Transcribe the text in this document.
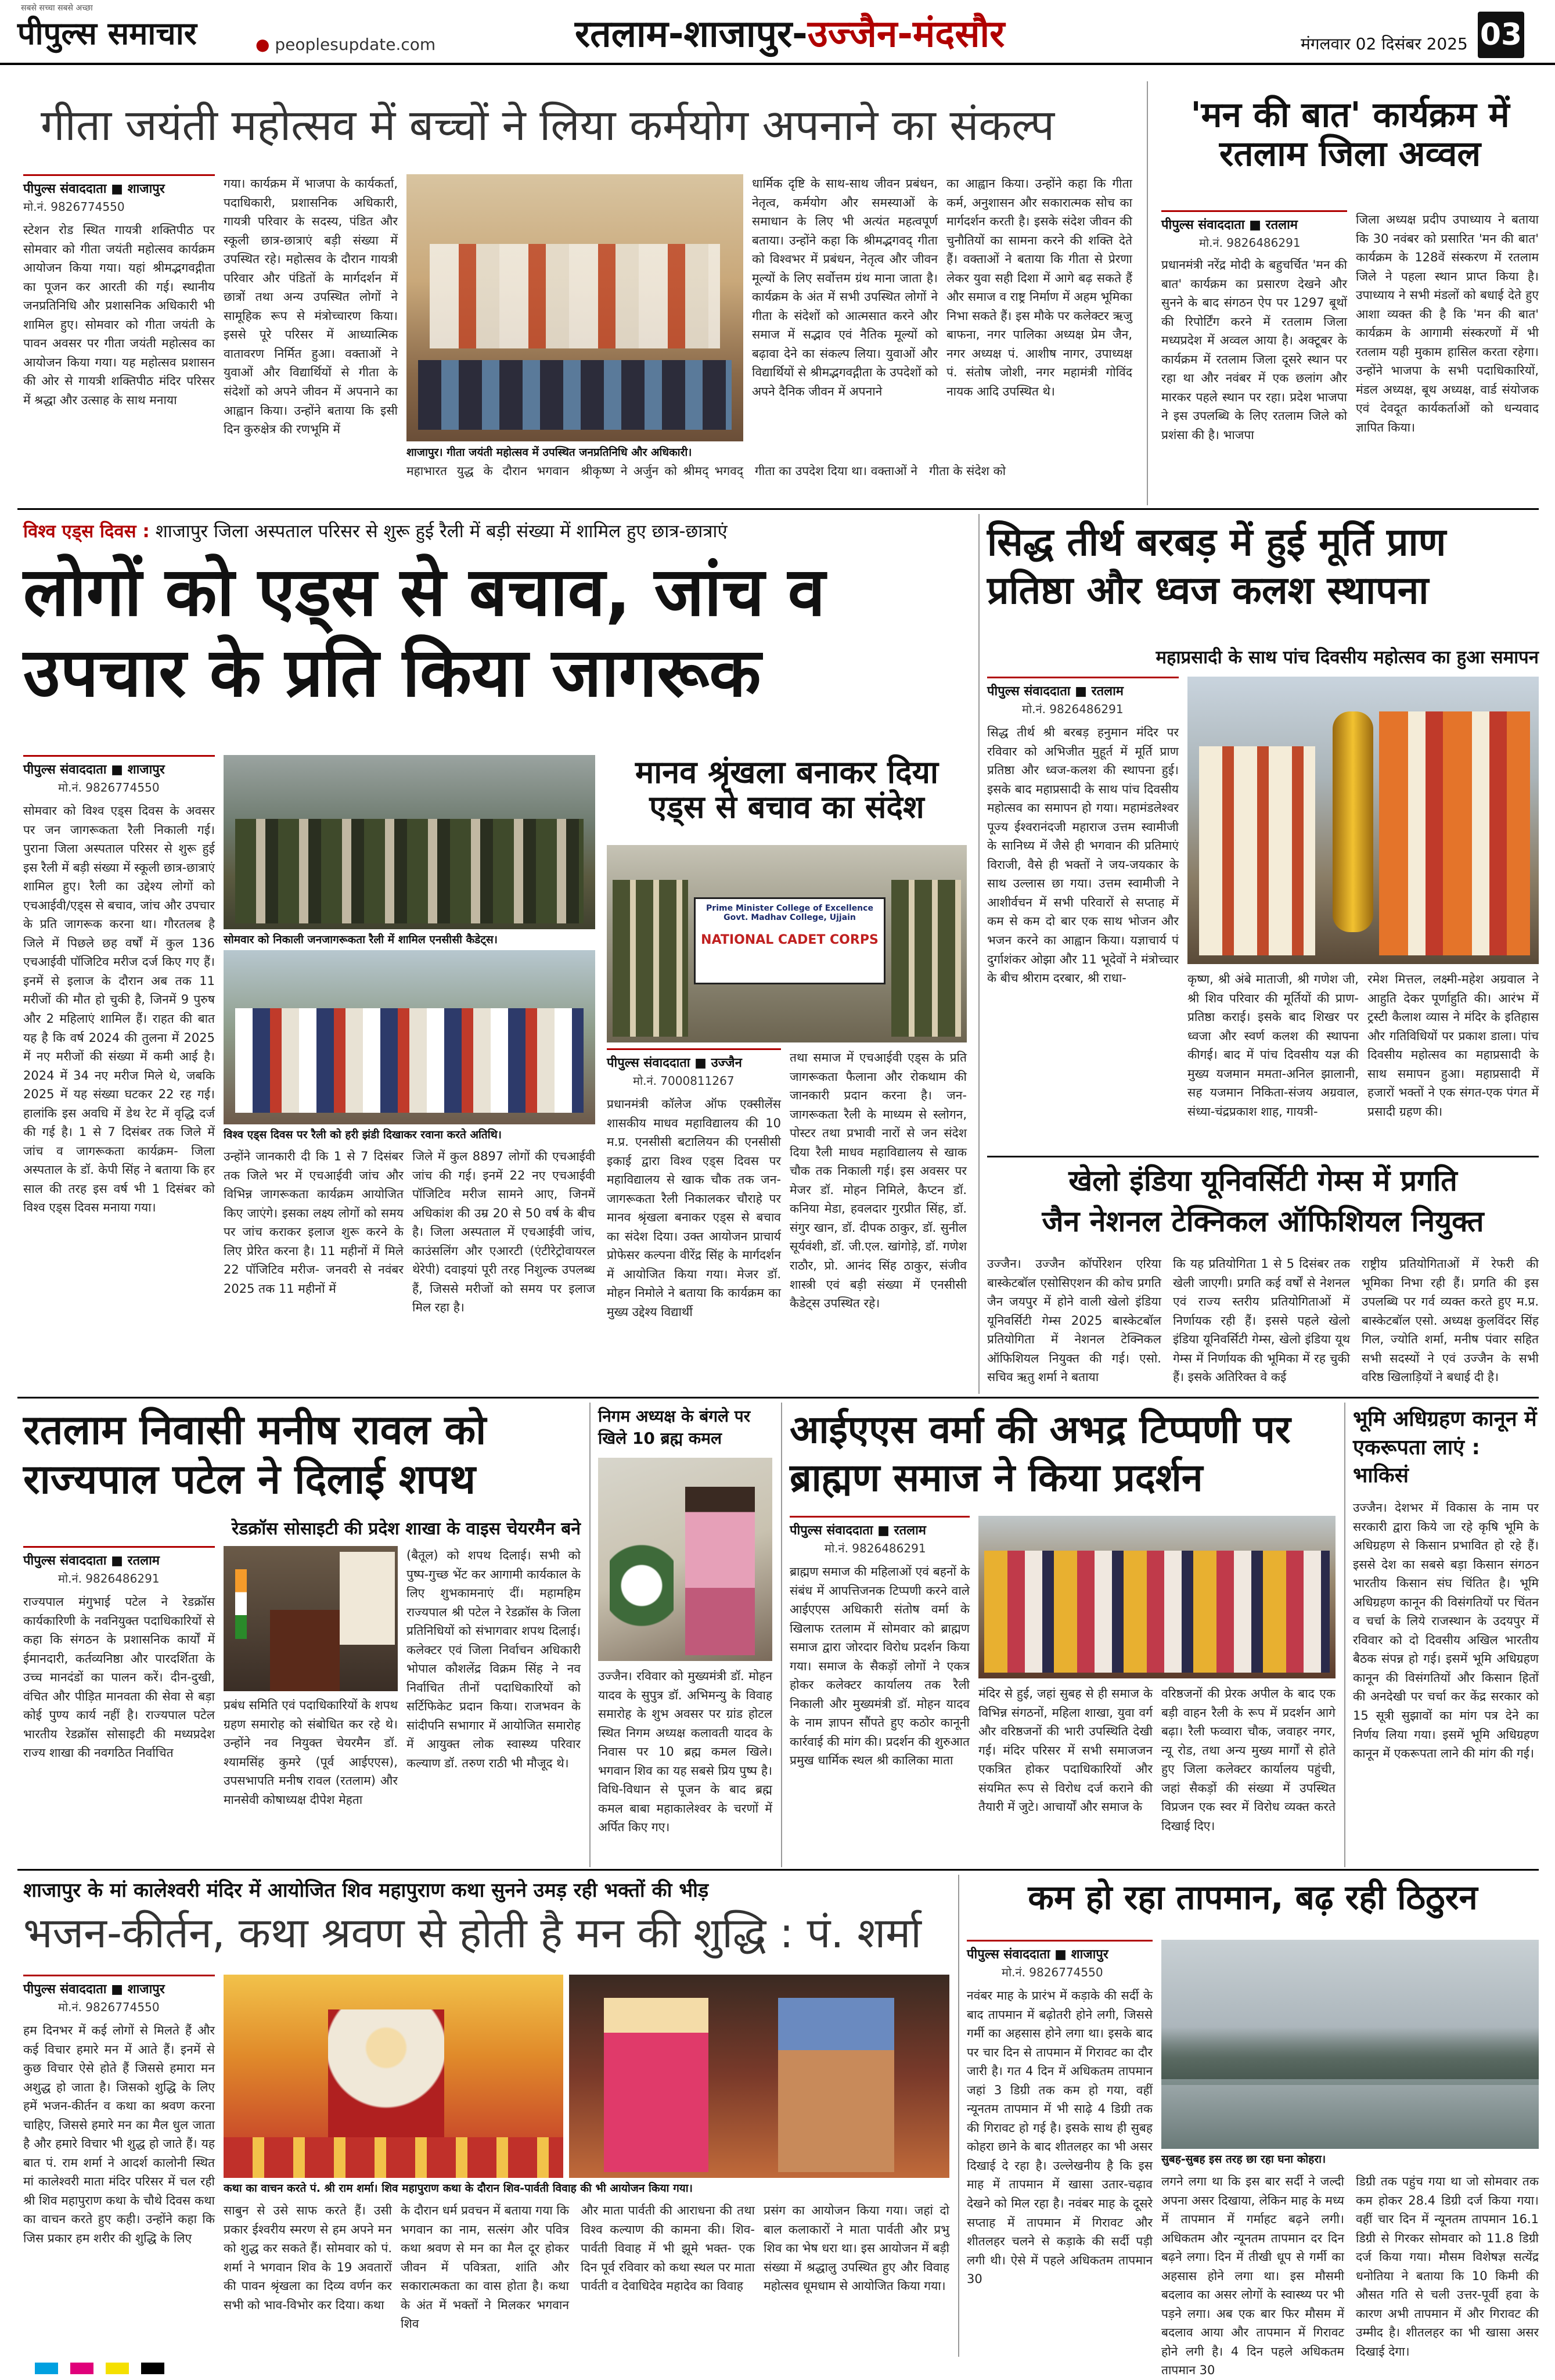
सबसे सच्चा सबसे अच्छा
पीपुल्स समाचार	● peoplesupdate.com	रतलाम-शाजापुर-उज्जैन-मंदसौर	मंगलवार 02 दिसंबर 2025 03
गीता जयंती महोत्सव में बच्चों ने लिया कर्मयोग अपनाने का संकल्प
पीपुल्स संवाददाता ■ शाजापुर
मो.नं. 9826774550
स्टेशन रोड स्थित गायत्री शक्तिपीठ पर सोमवार को गीता जयंती महोत्सव कार्यक्रम आयोजन किया गया। यहां श्रीमद्भगवद्गीता का पूजन कर आरती की गई। स्थानीय जनप्रतिनिधि और प्रशासनिक अधिकारी भी शामिल हुए। सोमवार को गीता जयंती के पावन अवसर पर गीता जयंती महोत्सव का आयोजन किया गया। यह महोत्सव प्रशासन की ओर से गायत्री शक्तिपीठ मंदिर परिसर में श्रद्धा और उत्साह के साथ मनाया
गया। कार्यक्रम में भाजपा के कार्यकर्ता, पदाधिकारी, प्रशासनिक अधिकारी, गायत्री परिवार के सदस्य, पंडित और स्कूली छात्र-छात्राएं बड़ी संख्या में उपस्थित रहे। महोत्सव के दौरान गायत्री परिवार और पंडितों के मार्गदर्शन में छात्रों तथा अन्य उपस्थित लोगों ने सामूहिक रूप से मंत्रोच्चारण किया। इससे पूरे परिसर में आध्यात्मिक वातावरण निर्मित हुआ। वक्ताओं ने युवाओं और विद्यार्थियों से गीता के संदेशों को अपने जीवन में अपनाने का आह्वान किया। उन्होंने बताया कि इसी दिन कुरुक्षेत्र की रणभूमि में
शाजापुर। गीता जयंती महोत्सव में उपस्थित जनप्रतिनिधि और अधिकारी।
महाभारत युद्ध के दौरान भगवान श्रीकृष्ण ने अर्जुन को श्रीमद् भगवद् गीता का उपदेश दिया था। वक्ताओं ने गीता के संदेश को
धार्मिक दृष्टि के साथ-साथ जीवन प्रबंधन, नेतृत्व, कर्मयोग और समस्याओं के समाधान के लिए भी अत्यंत महत्वपूर्ण बताया। उन्होंने कहा कि श्रीमद्भगवद् गीता को विश्वभर में प्रबंधन, नेतृत्व और जीवन मूल्यों के लिए सर्वोत्तम ग्रंथ माना जाता है। कार्यक्रम के अंत में सभी उपस्थित लोगों ने गीता के संदेशों को आत्मसात करने और समाज में सद्भाव एवं नैतिक मूल्यों को बढ़ावा देने का संकल्प लिया। युवाओं और विद्यार्थियों से श्रीमद्भगवद्गीता के उपदेशों को अपने दैनिक जीवन में अपनाने
का आह्वान किया। उन्होंने कहा कि गीता कर्म, अनुशासन और सकारात्मक सोच का मार्गदर्शन करती है। इसके संदेश जीवन की चुनौतियों का सामना करने की शक्ति देते हैं। वक्ताओं ने बताया कि गीता से प्रेरणा लेकर युवा सही दिशा में आगे बढ़ सकते हैं और समाज व राष्ट्र निर्माण में अहम भूमिका निभा सकते हैं। इस मौके पर कलेक्टर ऋजु बाफना, नगर पालिका अध्यक्ष प्रेम जैन, नगर अध्यक्ष पं. आशीष नागर, उपाध्यक्ष पं. संतोष जोशी, नगर महामंत्री गोविंद नायक आदि उपस्थित थे।
'मन की बात' कार्यक्रम में रतलाम जिला अव्वल
पीपुल्स संवाददाता ■ रतलाम
मो.नं. 9826486291
प्रधानमंत्री नरेंद्र मोदी के बहुचर्चित 'मन की बात' कार्यक्रम का प्रसारण देखने और सुनने के बाद संगठन ऐप पर 1297 बूथों की रिपोर्टिंग करने में रतलाम जिला मध्यप्रदेश में अव्वल आया है। अक्टूबर के कार्यक्रम में रतलाम जिला दूसरे स्थान पर रहा था और नवंबर में एक छलांग और मारकर पहले स्थान पर रहा। प्रदेश भाजपा ने इस उपलब्धि के लिए रतलाम जिले को प्रशंसा की है। भाजपा
जिला अध्यक्ष प्रदीप उपाध्याय ने बताया कि 30 नवंबर को प्रसारित 'मन की बात' कार्यक्रम के 128वें संस्करण में रतलाम जिले ने पहला स्थान प्राप्त किया है। उपाध्याय ने सभी मंडलों को बधाई देते हुए आशा व्यक्त की है कि 'मन की बात' कार्यक्रम के आगामी संस्करणों में भी रतलाम यही मुकाम हासिल करता रहेगा। उन्होंने भाजपा के सभी पदाधिकारियों, मंडल अध्यक्ष, बूथ अध्यक्ष, वार्ड संयोजक एवं देवदूत कार्यकर्ताओं को धन्यवाद ज्ञापित किया।
विश्व एड्स दिवस : शाजापुर जिला अस्पताल परिसर से शुरू हुई रैली में बड़ी संख्या में शामिल हुए छात्र-छात्राएं
लोगों को एड्स से बचाव, जांच व उपचार के प्रति किया जागरूक
पीपुल्स संवाददाता ■ शाजापुर
मो.नं. 9826774550
सोमवार को विश्व एड्स दिवस के अवसर पर जन जागरूकता रैली निकाली गई। पुराना जिला अस्पताल परिसर से शुरू हुई इस रैली में बड़ी संख्या में स्कूली छात्र-छात्राएं शामिल हुए। रैली का उद्देश्य लोगों को एचआईवी/एड्स से बचाव, जांच और उपचार के प्रति जागरूक करना था। गौरतलब है जिले में पिछले छह वर्षों में कुल 136 एचआईवी पॉजिटिव मरीज दर्ज किए गए हैं। इनमें से इलाज के दौरान अब तक 11 मरीजों की मौत हो चुकी है, जिनमें 9 पुरुष और 2 महिलाएं शामिल हैं। राहत की बात यह है कि वर्ष 2024 की तुलना में 2025 में नए मरीजों की संख्या में कमी आई है। 2024 में 34 नए मरीज मिले थे, जबकि 2025 में यह संख्या घटकर 22 रह गई। हालांकि इस अवधि में डेथ रेट में वृद्धि दर्ज की गई है। 1 से 7 दिसंबर तक जिले में जांच व जागरूकता कार्यक्रम- जिला अस्पताल के डॉ. केपी सिंह ने बताया कि हर साल की तरह इस वर्ष भी 1 दिसंबर को विश्व एड्स दिवस मनाया गया।
सोमवार को निकाली जनजागरूकता रैली में शामिल एनसीसी कैडेट्स।
विश्व एड्स दिवस पर रैली को हरी झंडी दिखाकर रवाना करते अतिथि।
उन्होंने जानकारी दी कि 1 से 7 दिसंबर तक जिले भर में एचआईवी जांच और विभिन्न जागरूकता कार्यक्रम आयोजित किए जाएंगे। इसका लक्ष्य लोगों को समय पर जांच कराकर इलाज शुरू करने के लिए प्रेरित करना है। 11 महीनों में मिले 22 पॉजिटिव मरीज- जनवरी से नवंबर 2025 तक 11 महीनों में
जिले में कुल 8897 लोगों की एचआईवी जांच की गई। इनमें 22 नए एचआईवी पॉजिटिव मरीज सामने आए, जिनमें अधिकांश की उम्र 20 से 50 वर्ष के बीच है। जिला अस्पताल में एचआईवी जांच, काउंसलिंग और एआरटी (एंटीरेट्रोवायरल थेरेपी) दवाइयां पूरी तरह निशुल्क उपलब्ध हैं, जिससे मरीजों को समय पर इलाज मिल रहा है।
मानव श्रृंखला बनाकर दिया एड्स से बचाव का संदेश
Prime Minister College of Excellence Govt. Madhav College, Ujjain
NATIONAL CADET CORPS
पीपुल्स संवाददाता ■ उज्जैन
मो.नं. 7000811267
प्रधानमंत्री कॉलेज ऑफ एक्सीलेंस शासकीय माधव महाविद्यालय की 10 म.प्र. एनसीसी बटालियन की एनसीसी इकाई द्वारा विश्व एड्स दिवस पर महाविद्यालय से खाक चौक तक जन-जागरूकता रैली निकालकर चौराहे पर मानव श्रृंखला बनाकर एड्स से बचाव का संदेश दिया। उक्त आयोजन प्राचार्य प्रोफेसर कल्पना वीरेंद्र सिंह के मार्गदर्शन में आयोजित किया गया। मेजर डॉ. मोहन निमोले ने बताया कि कार्यक्रम का मुख्य उद्देश्य विद्यार्थी
तथा समाज में एचआईवी एड्स के प्रति जागरूकता फैलाना और रोकथाम की जानकारी प्रदान करना है। जन-जागरूकता रैली के माध्यम से स्लोगन, पोस्टर तथा प्रभावी नारों से जन संदेश दिया रैली माधव महाविद्यालय से खाक चौक तक निकाली गई। इस अवसर पर मेजर डॉ. मोहन निमिले, कैप्टन डॉ. कनिया मेडा, हवलदार गुरप्रीत सिंह, डॉ. संगुर खान, डॉ. दीपक ठाकुर, डॉ. सुनील सूर्यवंशी, डॉ. जी.एल. खांगोड़े, डॉ. गणेश राठौर, प्रो. आनंद सिंह ठाकुर, संजीव शास्त्री एवं बड़ी संख्या में एनसीसी कैडेट्स उपस्थित रहे।
सिद्ध तीर्थ बरबड़ में हुई मूर्ति प्राण प्रतिष्ठा और ध्वज कलश स्थापना
महाप्रसादी के साथ पांच दिवसीय महोत्सव का हुआ समापन
पीपुल्स संवाददाता ■ रतलाम
मो.नं. 9826486291
सिद्ध तीर्थ श्री बरबड़ हनुमान मंदिर पर रविवार को अभिजीत मुहूर्त में मूर्ति प्राण प्रतिष्ठा और ध्वज-कलश की स्थापना हुई। इसके बाद महाप्रसादी के साथ पांच दिवसीय महोत्सव का समापन हो गया। महामंडलेश्वर पूज्य ईश्वरानंदजी महाराज उत्तम स्वामीजी के सानिध्य में जैसे ही भगवान की प्रतिमाएं विराजी, वैसे ही भक्तों ने जय-जयकार के साथ उल्लास छा गया। उत्तम स्वामीजी ने आशीर्वचन में सभी परिवारों से सप्ताह में कम से कम दो बार एक साथ भोजन और भजन करने का आह्वान किया। यज्ञाचार्य पं दुर्गाशंकर ओझा और 11 भूदेवों ने मंत्रोच्चार के बीच श्रीराम दरबार, श्री राधा-	कृष्ण, श्री अंबे माताजी, श्री गणेश जी, श्री शिव परिवार की मूर्तियों की प्राण-प्रतिष्ठा कराई। इसके बाद शिखर पर ध्वजा और स्वर्ण कलश की स्थापना कीगई। बाद में पांच दिवसीय यज्ञ की मुख्य यजमान ममता-अनिल झालानी, सह यजमान निकिता-संजय अग्रवाल, संध्या-चंद्रप्रकाश शाह, गायत्री-
रमेश मित्तल, लक्ष्मी-महेश अग्रवाल ने आहुति देकर पूर्णाहुति की। आरंभ में ट्रस्टी कैलाश व्यास ने मंदिर के इतिहास और गतिविधियों पर प्रकाश डाला। पांच दिवसीय महोत्सव का महाप्रसादी के साथ समापन हुआ। महाप्रसादी में हजारों भक्तों ने एक संगत-एक पंगत में प्रसादी ग्रहण की।
खेलो इंडिया यूनिवर्सिटी गेम्स में प्रगति
जैन नेशनल टेक्निकल ऑफिशियल नियुक्त
उज्जैन। उज्जैन कॉर्पोरेशन एरिया बास्केटबॉल एसोसिएशन की कोच प्रगति जैन जयपुर में होने वाली खेलो इंडिया यूनिवर्सिटी गेम्स 2025 बास्केटबॉल प्रतियोगिता में नेशनल टेक्निकल ऑफिशियल नियुक्त की गई। एसो. सचिव ऋतु शर्मा ने बताया
कि यह प्रतियोगिता 1 से 5 दिसंबर तक खेली जाएगी। प्रगति कई वर्षों से नेशनल एवं राज्य स्तरीय प्रतियोगिताओं में निर्णायक रही हैं। इससे पहले खेलो इंडिया यूनिवर्सिटी गेम्स, खेलो इंडिया यूथ गेम्स में निर्णायक की भूमिका में रह चुकी हैं। इसके अतिरिक्त वे कई
राष्ट्रीय प्रतियोगिताओं में रेफरी की भूमिका निभा रही हैं। प्रगति की इस उपलब्धि पर गर्व व्यक्त करते हुए म.प्र. बास्केटबॉल एसो. अध्यक्ष कुलविंदर सिंह गिल, ज्योति शर्मा, मनीष पंवार सहित सभी सदस्यों ने एवं उज्जैन के सभी वरिष्ठ खिलाड़ियों ने बधाई दी है।
रतलाम निवासी मनीष रावल को राज्यपाल पटेल ने दिलाई शपथ
रेडक्रॉस सोसाइटी की प्रदेश शाखा के वाइस चेयरमैन बने
पीपुल्स संवाददाता ■ रतलाम
मो.नं. 9826486291
राज्यपाल मंगुभाई पटेल ने रेडक्रॉस कार्यकारिणी के नवनियुक्त पदाधिकारियों से कहा कि संगठन के प्रशासनिक कार्यों में ईमानदारी, कर्तव्यनिष्ठा और पारदर्शिता के उच्च मानदंडों का पालन करें। दीन-दुखी, वंचित और पीड़ित मानवता की सेवा से बड़ा कोई पुण्य कार्य नहीं है। राज्यपाल पटेल भारतीय रेडक्रॉस सोसाइटी की मध्यप्रदेश राज्य शाखा की नवगठित निर्वाचित
प्रबंध समिति एवं पदाधिकारियों के शपथ ग्रहण समारोह को संबोधित कर रहे थे। उन्होंने नव नियुक्त चेयरमैन डॉ. श्यामसिंह कुमरे (पूर्व आईएएस), उपसभापति मनीष रावल (रतलाम) और मानसेवी कोषाध्यक्ष दीपेश मेहता
(बैतूल) को शपथ दिलाई। सभी को पुष्प-गुच्छ भेंट कर आगामी कार्यकाल के लिए शुभकामनाएं दीं। महामहिम राज्यपाल श्री पटेल ने रेडक्रॉस के जिला प्रतिनिधियों को संभागवार शपथ दिलाई। कलेक्टर एवं जिला निर्वाचन अधिकारी भोपाल कौशलेंद्र विक्रम सिंह ने नव निर्वाचित तीनों पदाधिकारियों को सर्टिफिकेट प्रदान किया। राजभवन के सांदीपनि सभागार में आयोजित समारोह में आयुक्त लोक स्वास्थ्य परिवार कल्याण डॉ. तरुण राठी भी मौजूद थे।
निगम अध्यक्ष के बंगले पर खिले 10 ब्रह्म कमल
उज्जैन। रविवार को मुख्यमंत्री डॉ. मोहन यादव के सुपुत्र डॉ. अभिमन्यु के विवाह समारोह के शुभ अवसर पर ग्रांड होटल स्थित निगम अध्यक्ष कलावती यादव के निवास पर 10 ब्रह्म कमल खिले। भगवान शिव का यह सबसे प्रिय पुष्प है। विधि-विधान से पूजन के बाद ब्रह्म कमल बाबा महाकालेश्वर के चरणों में अर्पित किए गए।
आईएएस वर्मा की अभद्र टिप्पणी पर ब्राह्मण समाज ने किया प्रदर्शन
पीपुल्स संवाददाता ■ रतलाम
मो.नं. 9826486291
ब्राह्मण समाज की महिलाओं एवं बहनों के संबंध में आपत्तिजनक टिप्पणी करने वाले आईएएस अधिकारी संतोष वर्मा के खिलाफ रतलाम में सोमवार को ब्राह्मण समाज द्वारा जोरदार विरोध प्रदर्शन किया गया। समाज के सैकड़ों लोगों ने एकत्र होकर कलेक्टर कार्यालय तक रैली निकाली और मुख्यमंत्री डॉ. मोहन यादव के नाम ज्ञापन सौंपते हुए कठोर कानूनी कार्रवाई की मांग की। प्रदर्शन की शुरुआत प्रमुख धार्मिक स्थल श्री कालिका माता
मंदिर से हुई, जहां सुबह से ही समाज के विभिन्न संगठनों, महिला शाखा, युवा वर्ग और वरिष्ठजनों की भारी उपस्थिति देखी गई। मंदिर परिसर में सभी समाजजन एकत्रित होकर पदाधिकारियों और संयमित रूप से विरोध दर्ज कराने की तैयारी में जुटे। आचार्यों और समाज के
वरिष्ठजनों की प्रेरक अपील के बाद एक बड़ी वाहन रैली के रूप में प्रदर्शन आगे बढ़ा। रैली फव्वारा चौक, जवाहर नगर, न्यू रोड, तथा अन्य मुख्य मार्गों से होते हुए जिला कलेक्टर कार्यालय पहुंची, जहां सैकड़ों की संख्या में उपस्थित विप्रजन एक स्वर में विरोध व्यक्त करते दिखाई दिए।
भूमि अधिग्रहण कानून में एकरूपता लाएं : भाकिसं
उज्जैन। देशभर में विकास के नाम पर सरकारी द्वारा किये जा रहे कृषि भूमि के अधिग्रहण से किसान प्रभावित हो रहे हैं। इससे देश का सबसे बड़ा किसान संगठन भारतीय किसान संघ चिंतित है। भूमि अधिग्रहण कानून की विसंगतियों पर चिंतन व चर्चा के लिये राजस्थान के उदयपुर में रविवार को दो दिवसीय अखिल भारतीय बैठक संपन्न हो गई। इसमें भूमि अधिग्रहण कानून की विसंगतियों और किसान हितों की अनदेखी पर चर्चा कर केंद्र सरकार को 15 सूत्री सुझावों का मांग पत्र देने का निर्णय लिया गया। इसमें भूमि अधिग्रहण कानून में एकरूपता लाने की मांग की गई।
शाजापुर के मां कालेश्वरी मंदिर में आयोजित शिव महापुराण कथा सुनने उमड़ रही भक्तों की भीड़
भजन-कीर्तन, कथा श्रवण से होती है मन की शुद्धि : पं. शर्मा
पीपुल्स संवाददाता ■ शाजापुर
मो.नं. 9826774550
हम दिनभर में कई लोगों से मिलते हैं और कई विचार हमारे मन में आते हैं। इनमें से कुछ विचार ऐसे होते हैं जिससे हमारा मन अशुद्ध हो जाता है। जिसको शुद्धि के लिए हमें भजन-कीर्तन व कथा का श्रवण करना चाहिए, जिससे हमारे मन का मैल धुल जाता है और हमारे विचार भी शुद्ध हो जाते हैं। यह बात पं. राम शर्मा ने आदर्श कालोनी स्थित मां कालेश्वरी माता मंदिर परिसर में चल रही श्री शिव महापुराण कथा के चौथे दिवस कथा का वाचन करते हुए कही। उन्होंने कहा कि जिस प्रकार हम शरीर की शुद्धि के लिए
कथा का वाचन करते पं. श्री राम शर्मा। शिव महापुराण कथा के दौरान शिव-पार्वती विवाह की भी आयोजन किया गया।
साबुन से उसे साफ करते हैं। उसी प्रकार ईश्वरीय स्मरण से हम अपने मन को शुद्ध कर सकते हैं। सोमवार को पं. शर्मा ने भगवान शिव के 19 अवतारों की पावन श्रृंखला का दिव्य वर्णन कर सभी को भाव-विभोर कर दिया। कथा
के दौरान धर्म प्रवचन में बताया गया कि भगवान का नाम, सत्संग और पवित्र कथा श्रवण से मन का मैल दूर होकर जीवन में पवित्रता, शांति और सकारात्मकता का वास होता है। कथा के अंत में भक्तों ने मिलकर भगवान शिव
और माता पार्वती की आराधना की तथा विश्व कल्याण की कामना की। शिव-पार्वती विवाह में भी झूमे भक्त- एक दिन पूर्व रविवार को कथा स्थल पर माता पार्वती व देवाधिदेव महादेव का विवाह
प्रसंग का आयोजन किया गया। जहां दो बाल कलाकारों ने माता पार्वती और प्रभु शिव का भेष धरा था। इस आयोजन में बड़ी संख्या में श्रद्धालु उपस्थित हुए और विवाह महोत्सव धूमधाम से आयोजित किया गया।
कम हो रहा तापमान, बढ़ रही ठिठुरन
पीपुल्स संवाददाता ■ शाजापुर
मो.नं. 9826774550
नवंबर माह के प्रारंभ में कड़ाके की सर्दी के बाद तापमान में बढ़ोतरी होने लगी, जिससे गर्मी का अहसास होने लगा था। इसके बाद पर चार दिन से तापमान में गिरावट का दौर जारी है। गत 4 दिन में अधिकतम तापमान जहां 3 डिग्री तक कम हो गया, वहीं न्यूनतम तापमान में भी साढ़े 4 डिग्री तक की गिरावट हो गई है। इसके साथ ही सुबह कोहरा छाने के बाद शीतलहर का भी असर दिखाई दे रहा है। उल्लेखनीय है कि इस माह में तापमान में खासा उतार-चढ़ाव देखने को मिल रहा है। नवंबर माह के दूसरे सप्ताह में तापमान में गिरावट और शीतलहर चलने से कड़ाके की सर्दी पड़ी लगी थी। ऐसे में पहले अधिकतम तापमान 30
सुबह-सुबह इस तरह छा रहा घना कोहरा।
लगने लगा था कि इस बार सर्दी ने जल्दी अपना असर दिखाया, लेकिन माह के मध्य में तापमान में गर्माहट बढ़ने लगी। अधिकतम और न्यूनतम तापमान दर दिन बढ़ने लगा। दिन में तीखी धूप से गर्मी का अहसास होने लगा था। इस मौसमी बदलाव का असर लोगों के स्वास्थ्य पर भी पड़ने लगा। अब एक बार फिर मौसम में बदलाव आया और तापमान में गिरावट होने लगी है। 4 दिन पहले अधिकतम तापमान 30
डिग्री तक पहुंच गया था जो सोमवार तक कम होकर 28.4 डिग्री दर्ज किया गया। वहीं चार दिन में न्यूनतम तापमान 16.1 डिग्री से गिरकर सोमवार को 11.8 डिग्री दर्ज किया गया। मौसम विशेषज्ञ सत्येंद्र धनोतिया ने बताया कि 10 किमी की औसत गति से चली उत्तर-पूर्वी हवा के कारण अभी तापमान में और गिरावट की उम्मीद है। शीतलहर का भी खासा असर दिखाई देगा।
